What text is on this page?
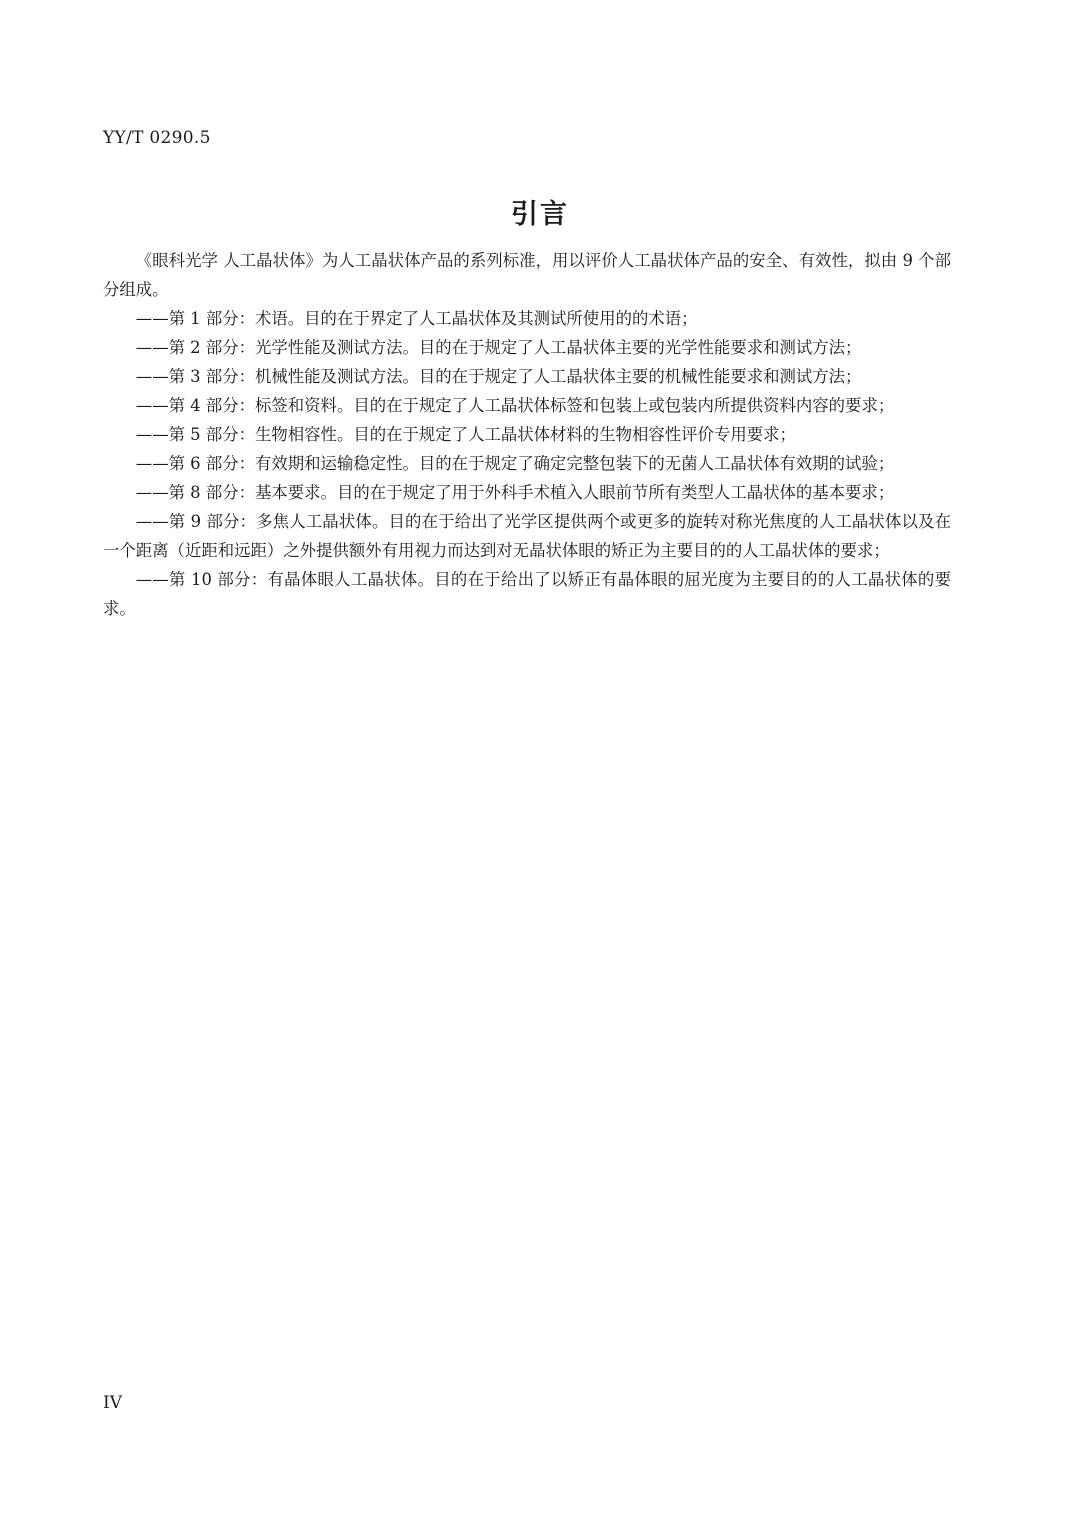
YY/T 0290.5
引言

《眼科光学 人工晶状体》为人工晶状体产品的系列标准，用以评价人工晶状体产品的安全、有效性，拟由 9 个部分组成。

——第 1 部分：术语。目的在于界定了人工晶状体及其测试所使用的的术语；

——第 2 部分：光学性能及测试方法。目的在于规定了人工晶状体主要的光学性能要求和测试方法；

——第 3 部分：机械性能及测试方法。目的在于规定了人工晶状体主要的机械性能要求和测试方法；

——第 4 部分：标签和资料。目的在于规定了人工晶状体标签和包装上或包装内所提供资料内容的要求；

——第 5 部分：生物相容性。目的在于规定了人工晶状体材料的生物相容性评价专用要求；

——第 6 部分：有效期和运输稳定性。目的在于规定了确定完整包装下的无菌人工晶状体有效期的试验；

——第 8 部分：基本要求。目的在于规定了用于外科手术植入人眼前节所有类型人工晶状体的基本要求；

——第 9 部分：多焦人工晶状体。目的在于给出了光学区提供两个或更多的旋转对称光焦度的人工晶状体以及在一个距离（近距和远距）之外提供额外有用视力而达到对无晶状体眼的矫正为主要目的的人工晶状体的要求；

——第 10 部分：有晶体眼人工晶状体。目的在于给出了以矫正有晶体眼的屈光度为主要目的的人工晶状体的要求。

IV
